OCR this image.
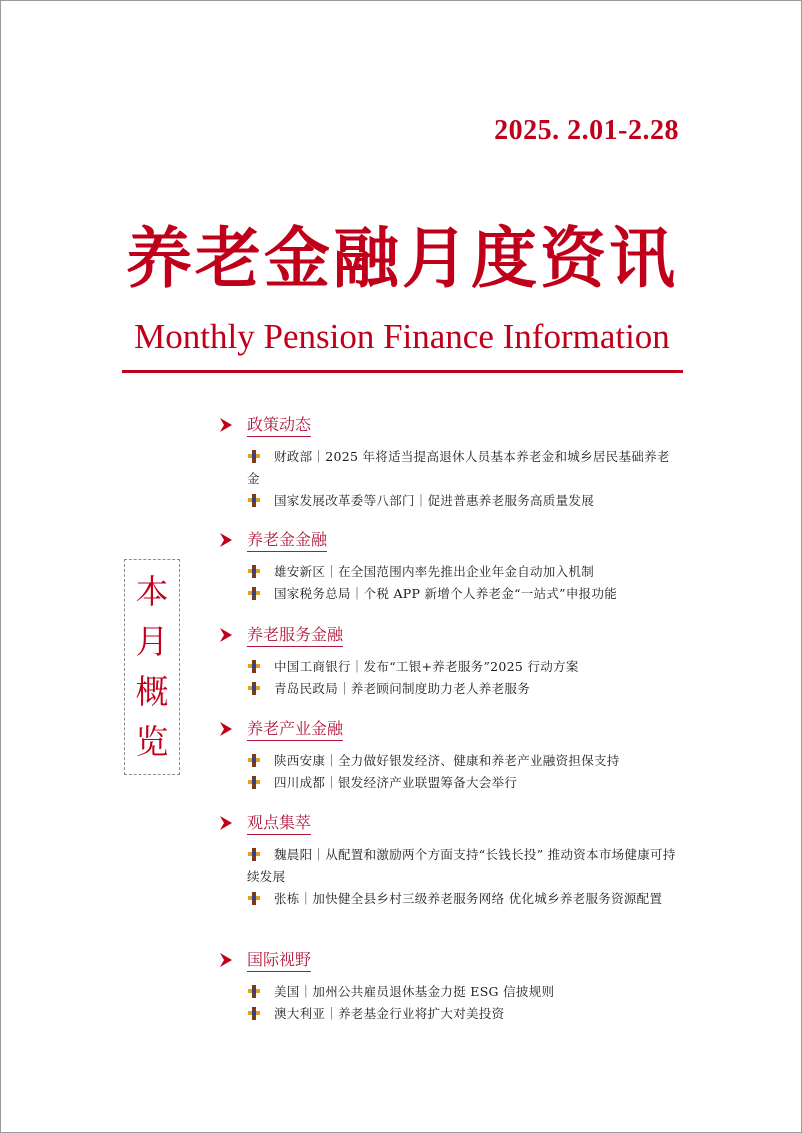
2025. 2.01-2.28
养老金融月度资讯
Monthly Pension Finance Information
本
月
概
览
政策动态
财政部｜2025 年将适当提高退休人员基本养老金和城乡居民基础养老金
国家发展改革委等八部门｜促进普惠养老服务高质量发展
养老金金融
雄安新区｜在全国范围内率先推出企业年金自动加入机制
国家税务总局｜个税 APP 新增个人养老金“一站式”申报功能
养老服务金融
中国工商银行｜发布“工银+养老服务”2025 行动方案
青岛民政局｜养老顾问制度助力老人养老服务
养老产业金融
陕西安康｜全力做好银发经济、健康和养老产业融资担保支持
四川成都｜银发经济产业联盟筹备大会举行
观点集萃
魏晨阳｜从配置和激励两个方面支持“长钱长投” 推动资本市场健康可持续发展
张栋｜加快健全县乡村三级养老服务网络 优化城乡养老服务资源配置
国际视野
美国｜加州公共雇员退休基金力挺 ESG 信披规则
澳大利亚｜养老基金行业将扩大对美投资
